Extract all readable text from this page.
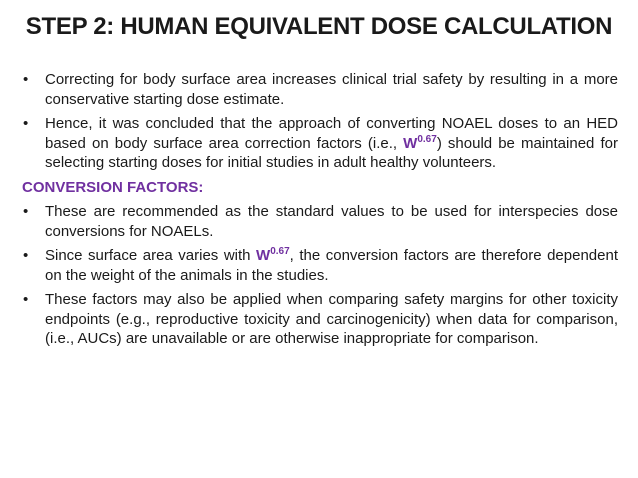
STEP 2: HUMAN EQUIVALENT DOSE CALCULATION
• Correcting for body surface area increases clinical trial safety by resulting in a more conservative starting dose estimate.
• Hence, it was concluded that the approach of converting NOAEL doses to an HED based on body surface area correction factors (i.e., $W^{0.67}$) should be maintained for selecting starting doses for initial studies in adult healthy volunteers.
CONVERSION FACTORS:
• These are recommended as the standard values to be used for interspecies dose conversions for NOAELs.
• Since surface area varies with $W^{0.67}$, the conversion factors are therefore dependent on the weight of the animals in the studies.
• These factors may also be applied when comparing safety margins for other toxicity endpoints (e.g., reproductive toxicity and carcinogenicity) when data for comparison, (i.e., AUCs) are unavailable or are otherwise inappropriate for comparison.
